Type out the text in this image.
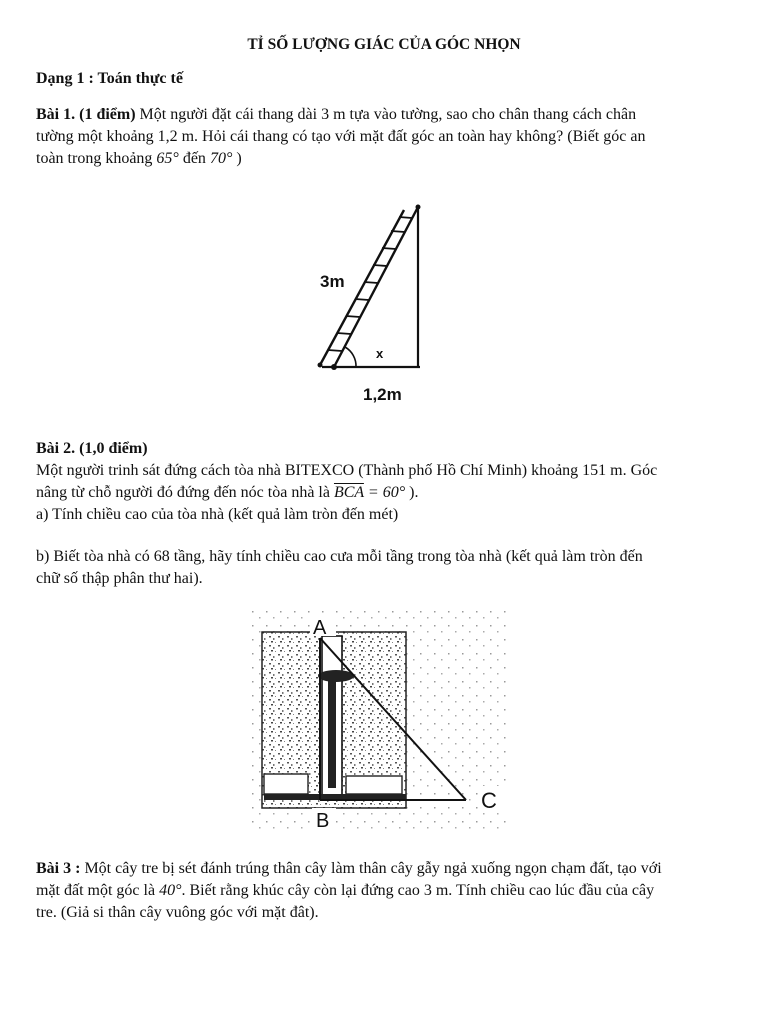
TỈ SỐ LƯỢNG GIÁC CỦA GÓC NHỌN
Dạng 1 : Toán thực tế
Bài 1. (1 điểm) Một người đặt cái thang dài 3 m tựa vào tường, sao cho chân thang cách chân
tường một khoảng 1,2 m. Hỏi cái thang có tạo với mặt đất góc an toàn hay không? (Biết góc an
toàn trong khoảng 65° đến 70° )
3m
x
1,2m
Bài 2. (1,0 điểm)
Một người trinh sát đứng cách tòa nhà BITEXCO (Thành phố Hồ Chí Minh) khoảng 151 m. Góc
nâng từ chỗ người đó đứng đến nóc tòa nhà là $\overline{BCA} = 60^\circ$ ).
a) Tính chiều cao của tòa nhà (kết quả làm tròn đến mét)
b) Biết tòa nhà có 68 tầng, hãy tính chiều cao cưa mỗi tầng trong tòa nhà (kết quả làm tròn đến
chữ số thập phân thư hai).
A
B
C
Bài 3 : Một cây tre bị sét đánh trúng thân cây làm thân cây gẫy ngả xuống ngọn chạm đất, tạo với
mặt đất một góc là 40°. Biết rằng khúc cây còn lại đứng cao 3 m. Tính chiều cao lúc đầu của cây
tre. (Giả si thân cây vuông góc với mặt đât).
